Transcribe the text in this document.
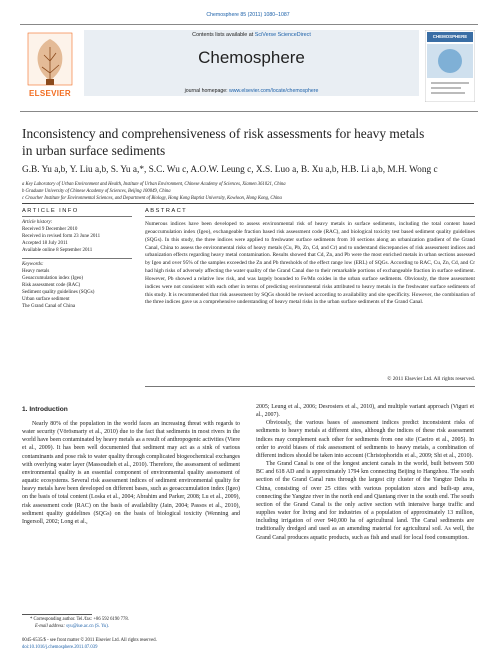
Chemosphere 85 (2011) 1080–1087
ELSEVIER
Contents lists available at SciVerse ScienceDirect
Chemosphere
journal homepage: www.elsevier.com/locate/chemosphere
CHEMOSPHERE
Inconsistency and comprehensiveness of risk assessments for heavy metals
in urban surface sediments
G.B. Yu a,b, Y. Liu a,b, S. Yu a,*, S.C. Wu c, A.O.W. Leung c, X.S. Luo a, B. Xu a,b, H.B. Li a,b, M.H. Wong c
a Key Laboratory of Urban Environment and Health, Institute of Urban Environment, Chinese Academy of Sciences, Xiamen 361021, China
b Graduate University of Chinese Academy of Sciences, Beijing 100049, China
c Croucher Institute for Environmental Sciences, and Department of Biology, Hong Kong Baptist University, Kowloon, Hong Kong, China
ARTICLE INFO
Article history:
Received 9 December 2010
Received in revised form 23 June 2011
Accepted 18 July 2011
Available online 8 September 2011
Keywords:
Heavy metals
Geoaccumulation index (Igeo)
Risk assessment code (RAC)
Sediment quality guidelines (SQGs)
Urban surface sediment
The Grand Canal of China
ABSTRACT
Numerous indices have been developed to assess environmental risk of heavy metals in surface sediments, including the total content based geoaccumulation index (Igeo), exchangeable fraction based risk assessment code (RAC), and biological toxicity test based sediment quality guidelines (SQGs). In this study, the three indices were applied to freshwater surface sediments from 10 sections along an urbanization gradient of the Grand Canal, China to assess the environmental risks of heavy metals (Cu, Pb, Zn, Cd, and Cr) and to understand discrepancies of risk assessment indices and urbanization effects regarding heavy metal contamination. Results showed that Cd, Zn, and Pb were the most enriched metals in urban sections assessed by Igeo and over 95% of the samples exceeded the Zn and Pb thresholds of the effect range low (ERL) of SQGs. According to RAC, Cu, Zn, Cd, and Cr had high risks of adversely affecting the water quality of the Grand Canal due to their remarkable portions of exchangeable fraction in surface sediment. However, Pb showed a relative low risk, and was largely bounded to Fe/Mn oxides in the urban surface sediments. Obviously, the three assessment indices were not consistent with each other in terms of predicting environmental risks attributed to heavy metals in the freshwater surface sediments of this study. It is recommended that risk assessment by SQGs should be revised according to availability and site specificity. However, the combination of the three indices gave us a comprehensive understanding of heavy metal risks in the urban surface sediments of the Grand Canal.
© 2011 Elsevier Ltd. All rights reserved.
1. Introduction
Nearly 80% of the population in the world faces an increasing threat with regards to water security (Vörösmarty et al., 2010) due to the fact that sediments in most rivers in the world have been contaminated by heavy metals as a result of anthropogenic activities (Viere et al., 2009). It has been well documented that sediment may act as a sink of various contaminants and pose risk to water quality through complicated biogeochemical exchanges with overlying water layer (Massoudieh et al., 2010). Therefore, the assessment of sediment environmental quality is an essential component of environmental quality assessment of aquatic ecosystems. Several risk assessment indices of sediment environmental quality for heavy metals have been developed on different bases, such as geoaccumulation index (Igeo) on the basis of total content (Loska et al., 2004; Abrahim and Parker, 2008; Lu et al., 2009), risk assessment code (RAC) on the basis of availability (Jain, 2004; Passos et al., 2010), sediment quality guidelines (SQGs) on the basis of biological toxicity (Wenning and Ingersoll, 2002; Long et al.,
2005; Leung et al., 2006; Desrosiers et al., 2010), and multiple variant approach (Viguri et al., 2007).
Obviously, the various bases of assessment indices predict inconsistent risks of sediments to heavy metals at different sites, although the indices of these risk assessment indices may complement each other for sediments from one site (Caeiro et al., 2005). In order to avoid biases of risk assessment of sediments to heavy metals, a combination of different indices should be taken into account (Christophoridis et al., 2009; Shi et al., 2010).
The Grand Canal is one of the longest ancient canals in the world, built between 500 BC and 618 AD and is approximately 1794 km connecting Beijing to Hangzhou. The south section of the Grand Canal runs through the largest city cluster of the Yangtze Delta in China, consisting of over 25 cities with various population sizes and built-up area, connecting the Yangtze river in the north end and Qiantang river in the south end. The south section of the Grand Canal is the only active section with intensive barge traffic and supplies water for living and for industries of a population of approximately 13 million, including irrigation of over 940,000 ha of agricultural land. The Canal sediments are traditionally dredged and used as an amending material for agricultural soil. As well, the Grand Canal produces aquatic products, such as fish and snail for local food consumption.
* Corresponding author. Tel./fax: +86 592 6190 778.
E-mail address: syu@iue.ac.cn (S. Yu).
0045-6535/$ - see front matter © 2011 Elsevier Ltd. All rights reserved.
doi:10.1016/j.chemosphere.2011.07.039
